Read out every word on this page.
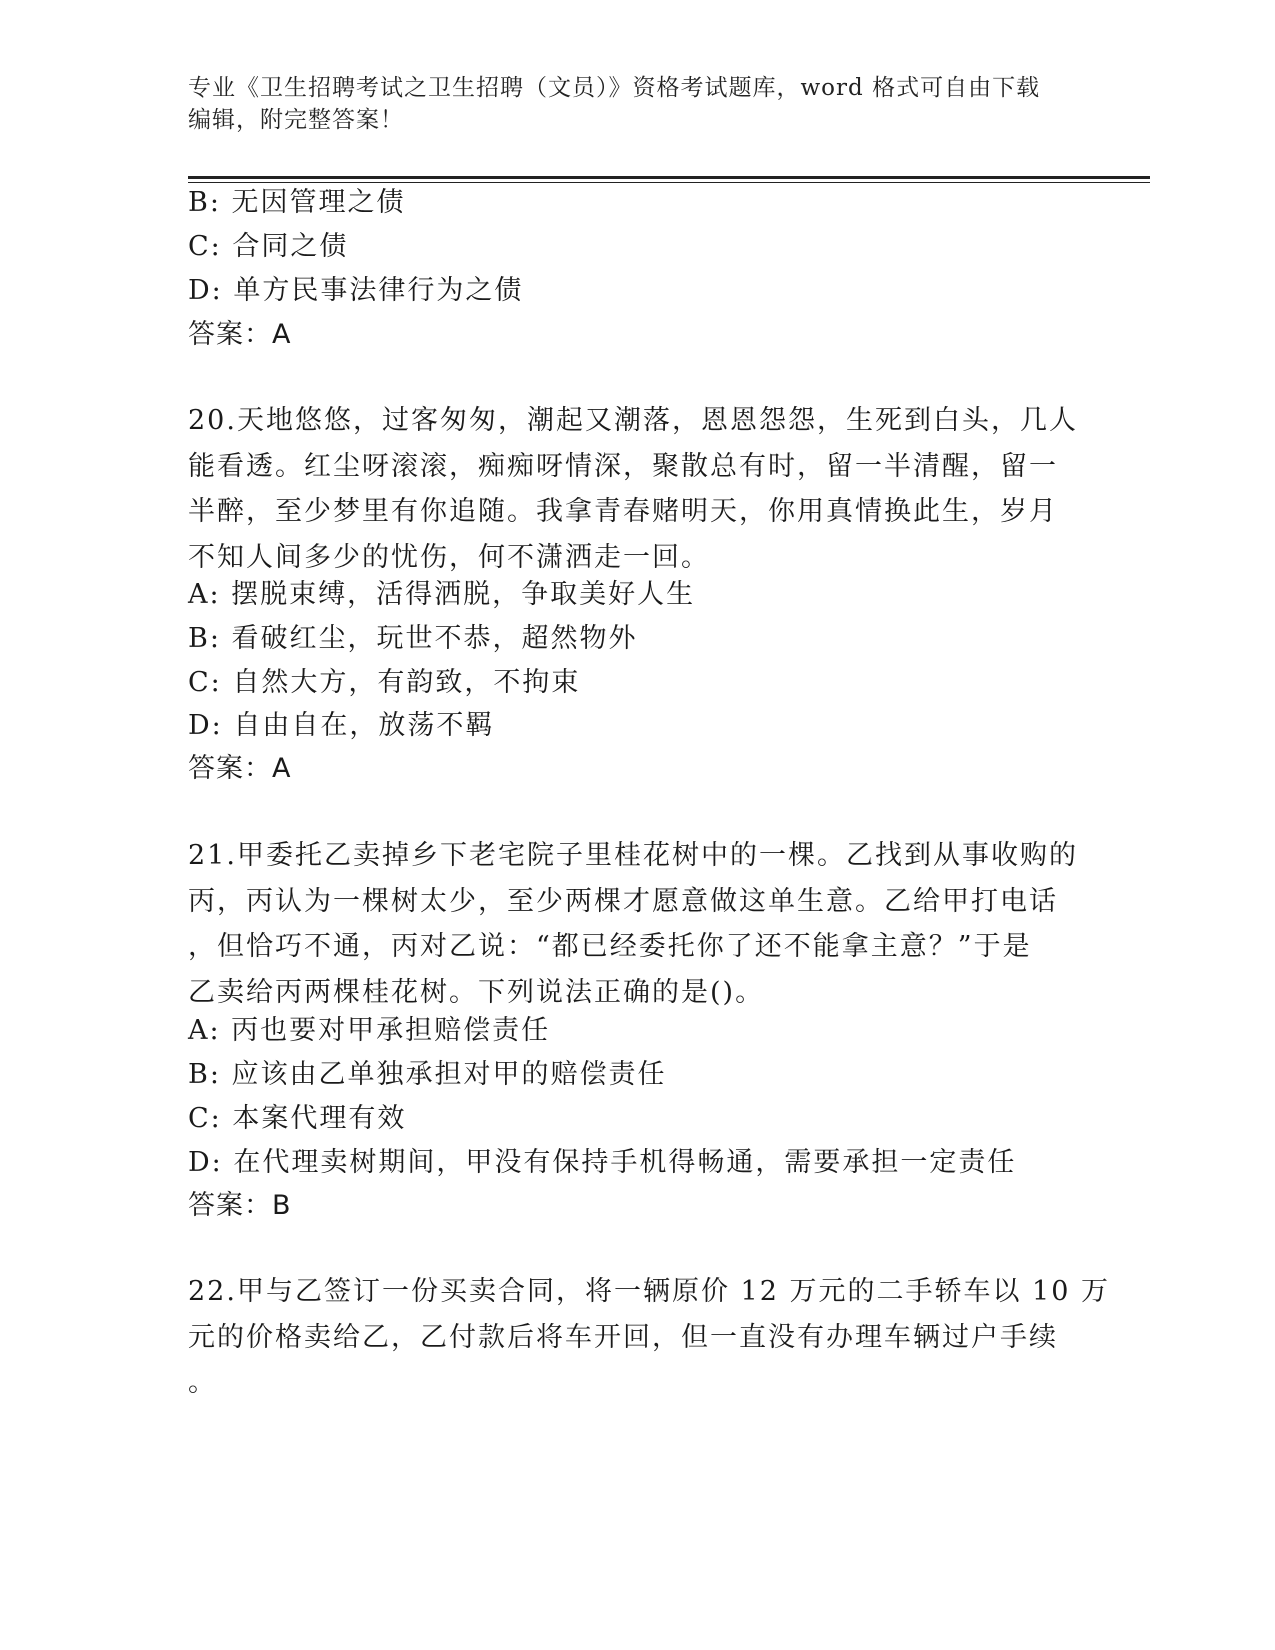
专业《卫生招聘考试之卫生招聘（文员）》资格考试题库，word 格式可自由下载
编辑，附完整答案！
B: 无因管理之债
C: 合同之债
D: 单方民事法律行为之债
答案：A
20.天地悠悠，过客匆匆，潮起又潮落，恩恩怨怨，生死到白头，几人
能看透。红尘呀滚滚，痴痴呀情深，聚散总有时，留一半清醒，留一
半醉，至少梦里有你追随。我拿青春赌明天，你用真情换此生，岁月
不知人间多少的忧伤，何不潇洒走一回。
A: 摆脱束缚，活得洒脱，争取美好人生
B: 看破红尘，玩世不恭，超然物外
C: 自然大方，有韵致，不拘束
D: 自由自在，放荡不羁
答案：A
21.甲委托乙卖掉乡下老宅院子里桂花树中的一棵。乙找到从事收购的
丙，丙认为一棵树太少，至少两棵才愿意做这单生意。乙给甲打电话
，但恰巧不通，丙对乙说：“都已经委托你了还不能拿主意？”于是
乙卖给丙两棵桂花树。下列说法正确的是()。
A: 丙也要对甲承担赔偿责任
B: 应该由乙单独承担对甲的赔偿责任
C: 本案代理有效
D: 在代理卖树期间，甲没有保持手机得畅通，需要承担一定责任
答案：B
22.甲与乙签订一份买卖合同，将一辆原价 12 万元的二手轿车以 10 万
元的价格卖给乙，乙付款后将车开回，但一直没有办理车辆过户手续
。
